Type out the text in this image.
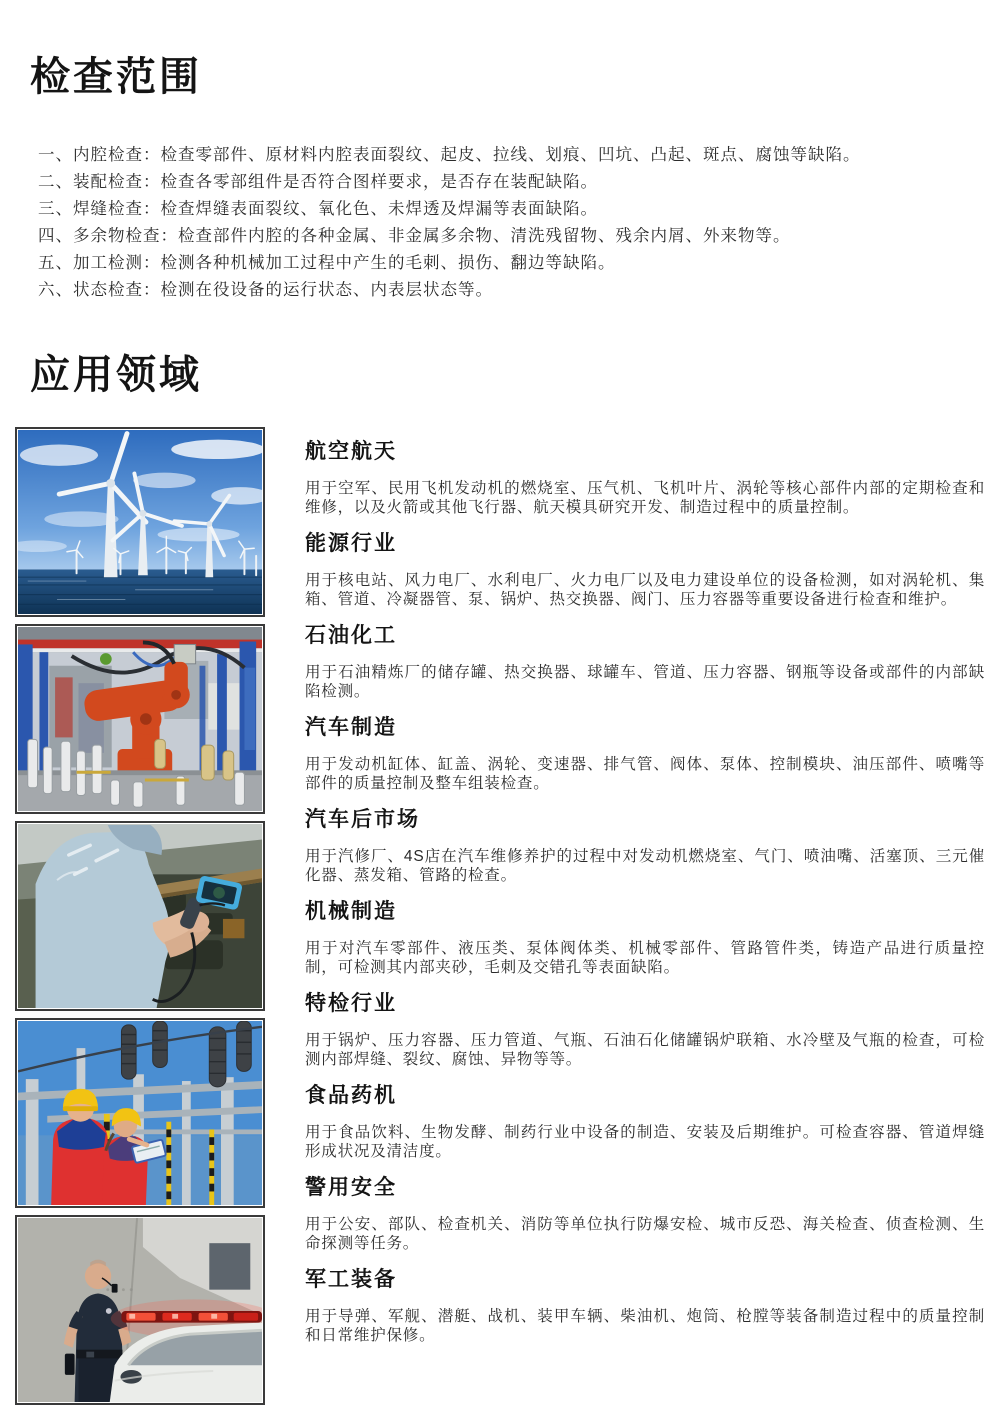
检查范围
一、内腔检查：检查零部件、原材料内腔表面裂纹、起皮、拉线、划痕、凹坑、凸起、斑点、腐蚀等缺陷。
二、装配检查：检查各零部组件是否符合图样要求，是否存在装配缺陷。
三、焊缝检查：检查焊缝表面裂纹、氧化色、未焊透及焊漏等表面缺陷。
四、多余物检查：检查部件内腔的各种金属、非金属多余物、清洗残留物、残余内屑、外来物等。
五、加工检测：检测各种机械加工过程中产生的毛刺、损伤、翻边等缺陷。
六、状态检查：检测在役设备的运行状态、内表层状态等。
应用领域
航空航天

用于空军、民用飞机发动机的燃烧室、压气机、飞机叶片、涡轮等核心部件内部的定期检查和维修，以及火箭或其他飞行器、航天模具研究开发、制造过程中的质量控制。

能源行业

用于核电站、风力电厂、水利电厂、火力电厂以及电力建设单位的设备检测，如对涡轮机、集箱、管道、冷凝器管、泵、锅炉、热交换器、阀门、压力容器等重要设备进行检查和维护。

石油化工

用于石油精炼厂的储存罐、热交换器、球罐车、管道、压力容器、钢瓶等设备或部件的内部缺陷检测。

汽车制造

用于发动机缸体、缸盖、涡轮、变速器、排气管、阀体、泵体、控制模块、油压部件、喷嘴等部件的质量控制及整车组装检查。

汽车后市场

用于汽修厂、4S店在汽车维修养护的过程中对发动机燃烧室、气门、喷油嘴、活塞顶、三元催化器、蒸发箱、管路的检查。

机械制造

用于对汽车零部件、液压类、泵体阀体类、机械零部件、管路管件类，铸造产品进行质量控制，可检测其内部夹砂，毛刺及交错孔等表面缺陷。

特检行业

用于锅炉、压力容器、压力管道、气瓶、石油石化储罐锅炉联箱、水冷壁及气瓶的检查，可检测内部焊缝、裂纹、腐蚀、异物等等。

食品药机

用于食品饮料、生物发酵、制药行业中设备的制造、安装及后期维护。可检查容器、管道焊缝形成状况及清洁度。

警用安全

用于公安、部队、检查机关、消防等单位执行防爆安检、城市反恐、海关检查、侦查检测、生命探测等任务。

军工装备

用于导弹、军舰、潜艇、战机、装甲车辆、柴油机、炮筒、枪膛等装备制造过程中的质量控制和日常维护保修。
